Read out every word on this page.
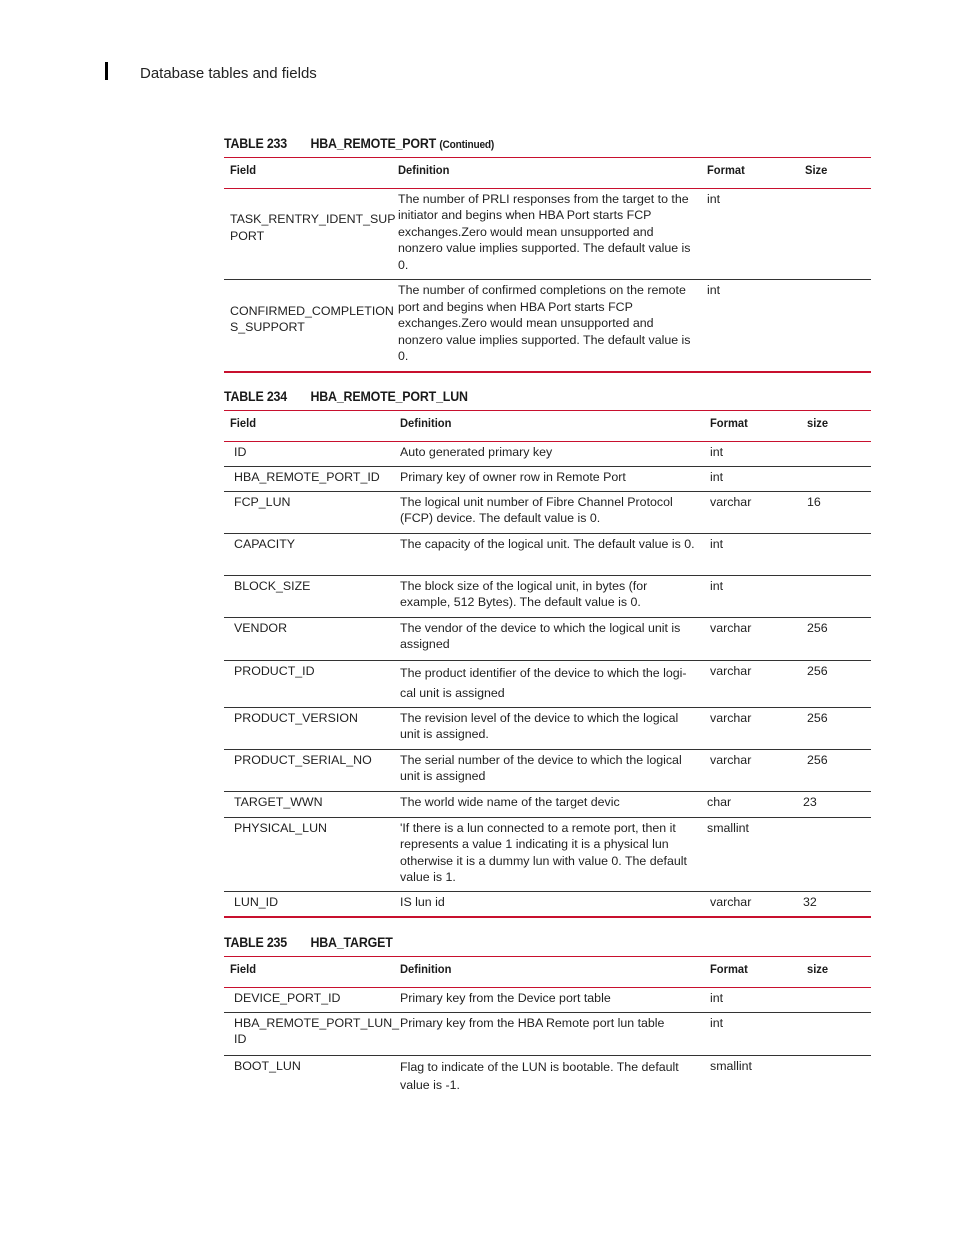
Database tables and fields
TABLE 233 HBA_REMOTE_PORT (Continued)
Field	Definition	Format	Size
TASK_RENTRY_IDENT_SUP PORT	The number of PRLI responses from the target to the initiator and begins when HBA Port starts FCP exchanges.Zero would mean unsupported and nonzero value implies supported. The default value is 0.	int	
CONFIRMED_COMPLETION S_SUPPORT	The number of confirmed completions on the remote port and begins when HBA Port starts FCP exchanges.Zero would mean unsupported and nonzero value implies supported. The default value is 0.	int	
TABLE 234 HBA_REMOTE_PORT_LUN
Field	Definition	Format	size
ID	Auto generated primary key	int	
HBA_REMOTE_PORT_ID	Primary key of owner row in Remote Port	int	
FCP_LUN	The logical unit number of Fibre Channel Protocol (FCP) device. The default value is 0.	varchar	16
CAPACITY	The capacity of the logical unit. The default value is 0.	int	
BLOCK_SIZE	The block size of the logical unit, in bytes (for example, 512 Bytes). The default value is 0.	int	
VENDOR	The vendor of the device to which the logical unit is assigned	varchar	256
PRODUCT_ID	The product identifier of the device to which the logi-cal unit is assigned	varchar	256
PRODUCT_VERSION	The revision level of the device to which the logical unit is assigned.	varchar	256
PRODUCT_SERIAL_NO	The serial number of the device to which the logical unit is assigned	varchar	256
TARGET_WWN	The world wide name of the target devic	char	23
PHYSICAL_LUN	'If there is a lun connected to a remote port, then it represents a value 1 indicating it is a physical lun otherwise it is a dummy lun with value 0. The default value is 1.	smallint	
LUN_ID	IS lun id	varchar	32
TABLE 235 HBA_TARGET
Field	Definition	Format	size
DEVICE_PORT_ID	Primary key from the Device port table	int	
HBA_REMOTE_PORT_LUN_ ID	Primary key from the HBA Remote port lun table	int	
BOOT_LUN	Flag to indicate of the LUN is bootable. The default value is -1.	smallint	
